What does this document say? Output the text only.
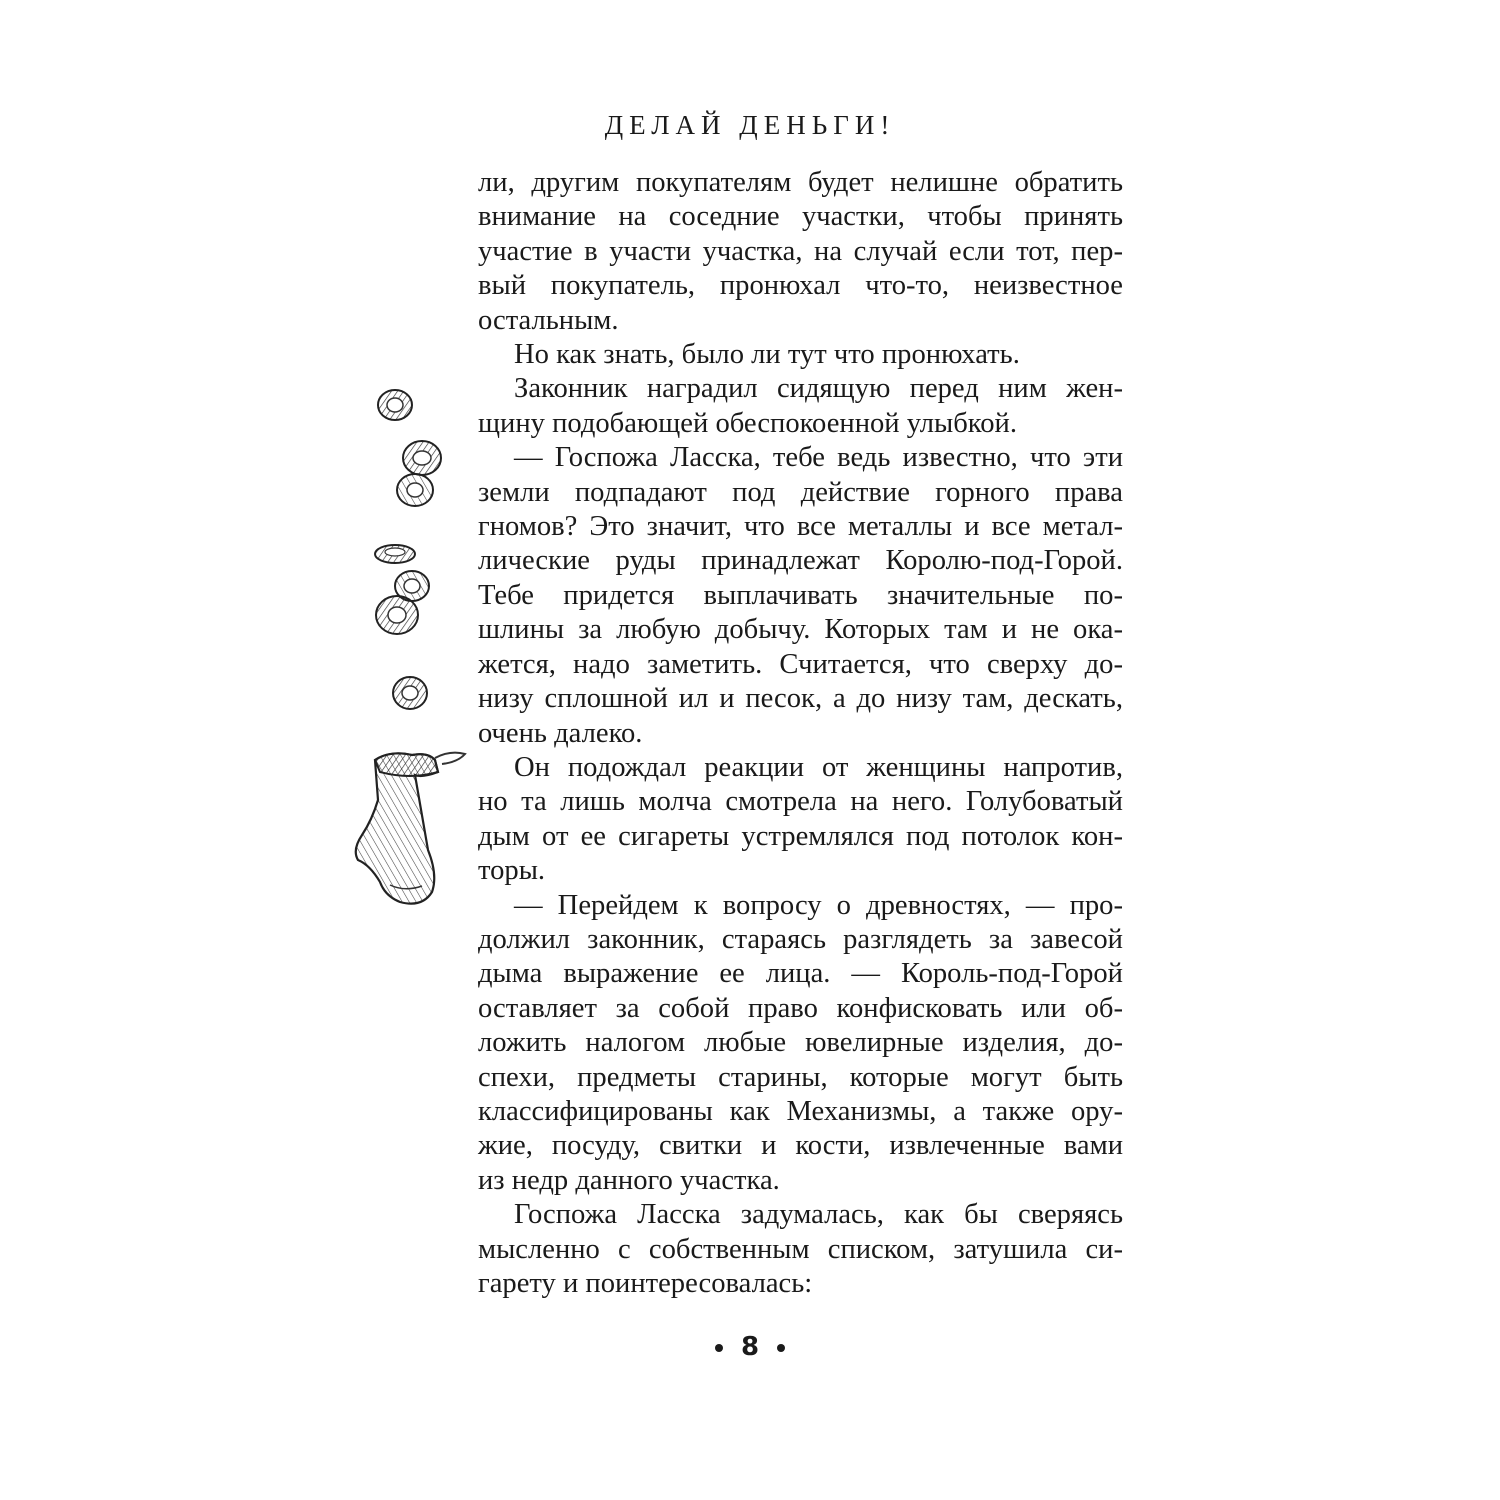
ДЕЛАЙ ДЕНЬГИ!
ли, другим покупателям будет нелишне обратить
внимание на соседние участки, чтобы принять
участие в участи участка, на случай если тот, пер-
вый покупатель, пронюхал что-то, неизвестное
остальным.
Но как знать, было ли тут что пронюхать.
Законник наградил сидящую перед ним жен-
щину подобающей обеспокоенной улыбкой.
— Госпожа Ласска, тебе ведь известно, что эти
земли подпадают под действие горного права
гномов? Это значит, что все металлы и все метал-
лические руды принадлежат Королю-под-Горой.
Тебе придется выплачивать значительные по-
шлины за любую добычу. Которых там и не ока-
жется, надо заметить. Считается, что сверху до-
низу сплошной ил и песок, а до низу там, дескать,
очень далеко.
Он подождал реакции от женщины напротив,
но та лишь молча смотрела на него. Голубоватый
дым от ее сигареты устремлялся под потолок кон-
торы.
— Перейдем к вопросу о древностях, — про-
должил законник, стараясь разглядеть за завесой
дыма выражение ее лица. — Король-под-Горой
оставляет за собой право конфисковать или об-
ложить налогом любые ювелирные изделия, до-
спехи, предметы старины, которые могут быть
классифицированы как Механизмы, а также ору-
жие, посуду, свитки и кости, извлеченные вами
из недр данного участка.
Госпожа Ласска задумалась, как бы сверяясь
мысленно с собственным списком, затушила си-
гарету и поинтересовалась:
8
